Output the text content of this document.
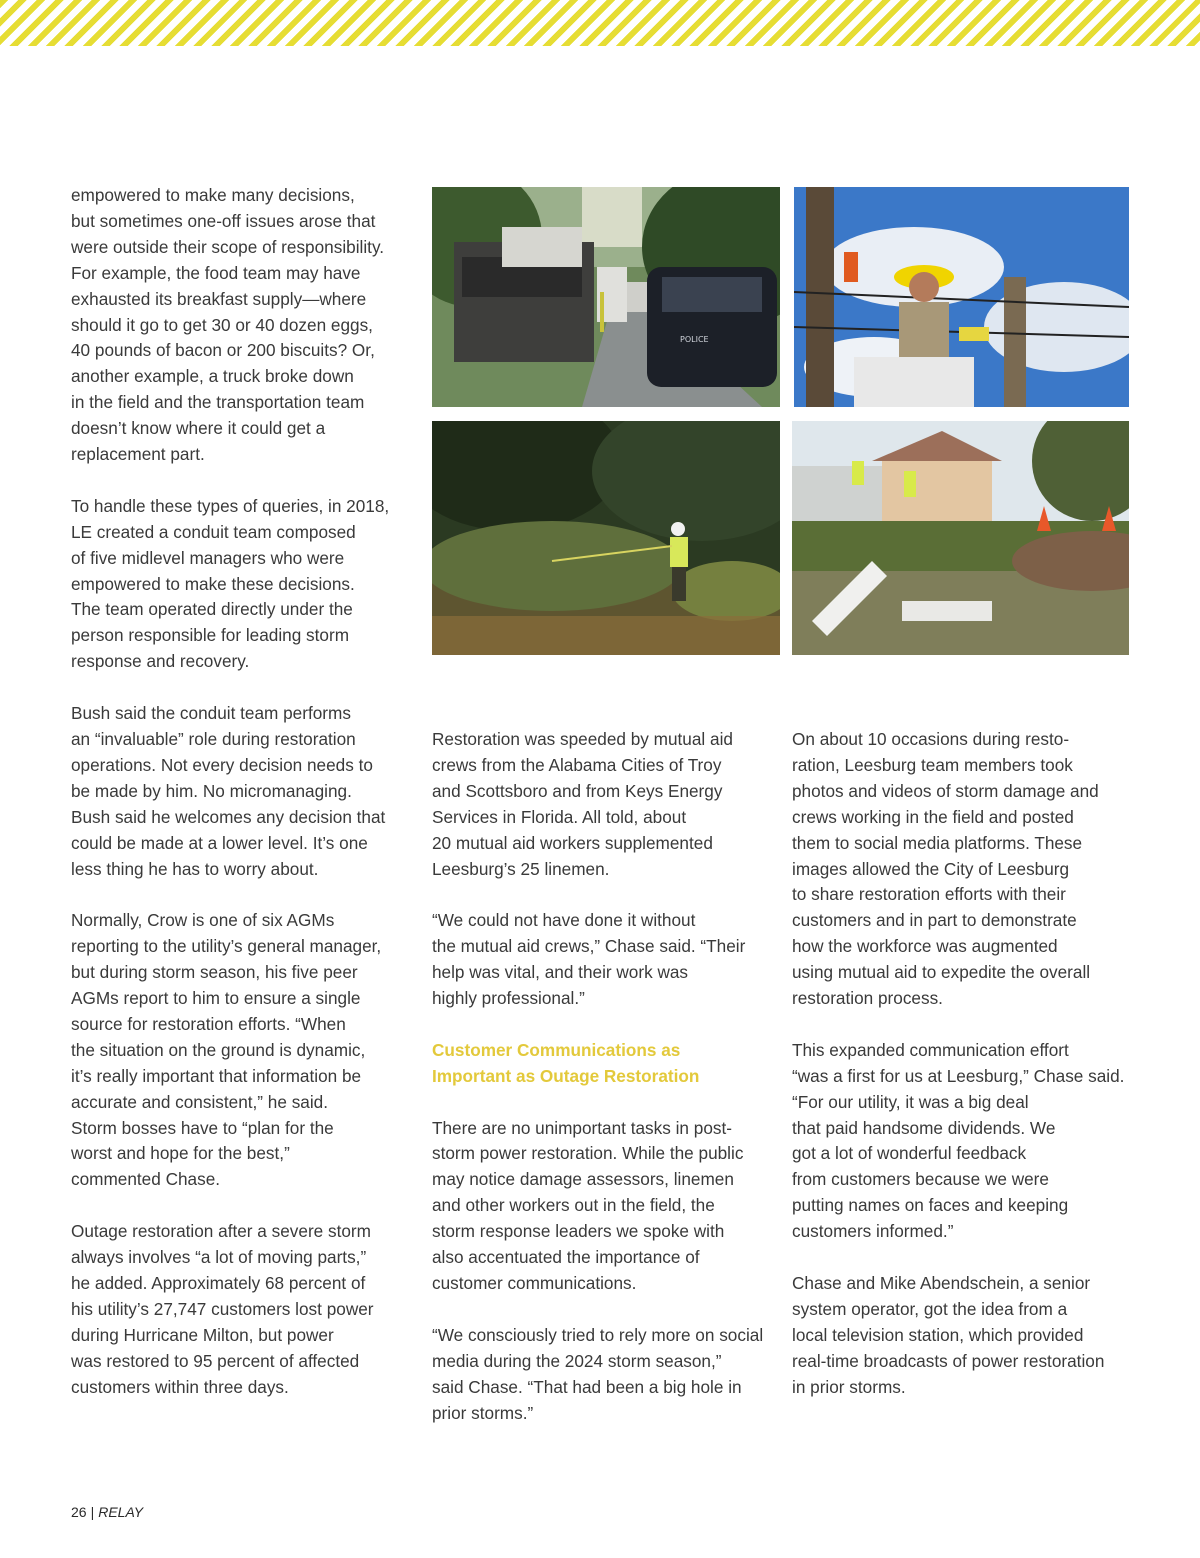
empowered to make many decisions,
but sometimes one-off issues arose that
were outside their scope of responsibility.
For example, the food team may have
exhausted its breakfast supply—where
should it go to get 30 or 40 dozen eggs,
40 pounds of bacon or 200 biscuits? Or,
another example, a truck broke down
in the field and the transportation team
doesn’t know where it could get a
replacement part.

To handle these types of queries, in 2018,
LE created a conduit team composed
of five midlevel managers who were
empowered to make these decisions.
The team operated directly under the
person responsible for leading storm
response and recovery.

Bush said the conduit team performs
an “invaluable” role during restoration
operations. Not every decision needs to
be made by him. No micromanaging.
Bush said he welcomes any decision that
could be made at a lower level. It’s one
less thing he has to worry about.

Normally, Crow is one of six AGMs
reporting to the utility’s general manager,
but during storm season, his five peer
AGMs report to him to ensure a single
source for restoration efforts. “When
the situation on the ground is dynamic,
it’s really important that information be
accurate and consistent,” he said.
Storm bosses have to “plan for the
worst and hope for the best,”
commented Chase.

Outage restoration after a severe storm
always involves “a lot of moving parts,”
he added. Approximately 68 percent of
his utility’s 27,747 customers lost power
during Hurricane Milton, but power
was restored to 95 percent of affected
customers within three days.

POLICE

Restoration was speeded by mutual aid
crews from the Alabama Cities of Troy
and Scottsboro and from Keys Energy
Services in Florida. All told, about
20 mutual aid workers supplemented
Leesburg’s 25 linemen.

“We could not have done it without
the mutual aid crews,” Chase said. “Their
help was vital, and their work was
highly professional.”

Customer Communications as
Important as Outage Restoration

There are no unimportant tasks in post-
storm power restoration. While the public
may notice damage assessors, linemen
and other workers out in the field, the
storm response leaders we spoke with
also accentuated the importance of
customer communications.

“We consciously tried to rely more on social
media during the 2024 storm season,”
said Chase. “That had been a big hole in
prior storms.”

On about 10 occasions during resto-
ration, Leesburg team members took
photos and videos of storm damage and
crews working in the field and posted
them to social media platforms. These
images allowed the City of Leesburg
to share restoration efforts with their
customers and in part to demonstrate
how the workforce was augmented
using mutual aid to expedite the overall
restoration process.

This expanded communication effort
“was a first for us at Leesburg,” Chase said.
“For our utility, it was a big deal
that paid handsome dividends. We
got a lot of wonderful feedback
from customers because we were
putting names on faces and keeping
customers informed.”

Chase and Mike Abendschein, a senior
system operator, got the idea from a
local television station, which provided
real-time broadcasts of power restoration
in prior storms.

26 | RELAY
